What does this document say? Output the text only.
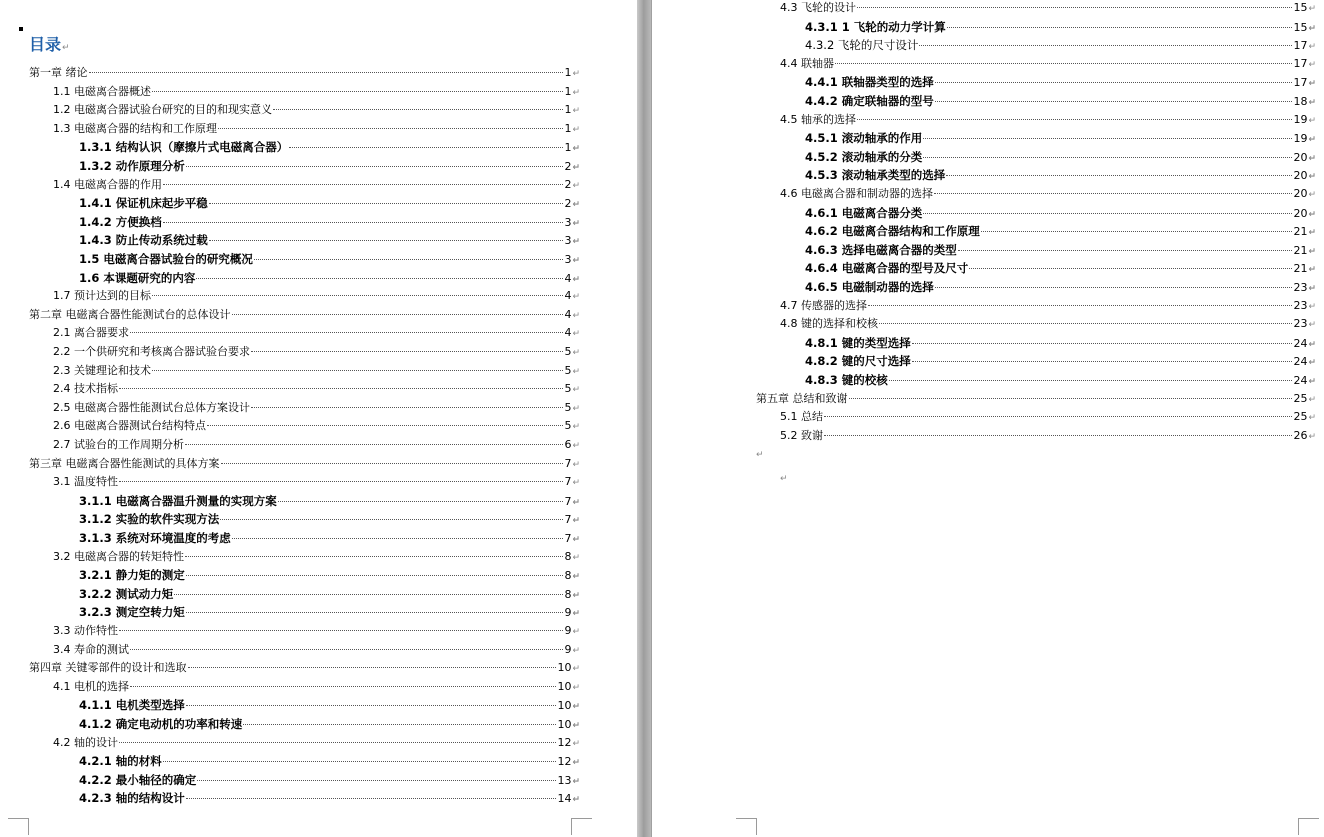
目录↵
第一章 绪论	1 ↵
1.1 电磁离合器概述	1 ↵
1.2 电磁离合器试验台研究的目的和现实意义	1 ↵
1.3 电磁离合器的结构和工作原理	1 ↵
1.3.1 结构认识（摩擦片式电磁离合器）	1 ↵
1.3.2 动作原理分析	2 ↵
1.4 电磁离合器的作用	2 ↵
1.4.1 保证机床起步平稳	2 ↵
1.4.2 方便换档	3 ↵
1.4.3 防止传动系统过载	3 ↵
1.5 电磁离合器试验台的研究概况	3 ↵
1.6 本课题研究的内容	4 ↵
1.7 预计达到的目标	4 ↵
第二章 电磁离合器性能测试台的总体设计	4 ↵
2.1 离合器要求	4 ↵
2.2 一个供研究和考核离合器试验台要求	5 ↵
2.3 关键理论和技术	5 ↵
2.4 技术指标	5 ↵
2.5 电磁离合器性能测试台总体方案设计	5 ↵
2.6 电磁离合器测试台结构特点	5 ↵
2.7 试验台的工作周期分析	6 ↵
第三章 电磁离合器性能测试的具体方案	7 ↵
3.1 温度特性	7 ↵
3.1.1 电磁离合器温升测量的实现方案	7 ↵
3.1.2 实验的软件实现方法	7 ↵
3.1.3 系统对环境温度的考虑	7 ↵
3.2 电磁离合器的转矩特性	8 ↵
3.2.1 静力矩的测定	8 ↵
3.2.2 测试动力矩	8 ↵
3.2.3 测定空转力矩	9 ↵
3.3 动作特性	9 ↵
3.4 寿命的测试	9 ↵
第四章 关键零部件的设计和选取	10 ↵
4.1 电机的选择	10 ↵
4.1.1 电机类型选择	10 ↵
4.1.2 确定电动机的功率和转速	10 ↵
4.2 轴的设计	12 ↵
4.2.1 轴的材料	12 ↵
4.2.2 最小轴径的确定	13 ↵
4.2.3 轴的结构设计	14 ↵
4.3 飞轮的设计	15 ↵
4.3.1 1 飞轮的动力学计算	15 ↵
4.3.2 飞轮的尺寸设计	17 ↵
4.4 联轴器	17 ↵
4.4.1 联轴器类型的选择	17 ↵
4.4.2 确定联轴器的型号	18 ↵
4.5 轴承的选择	19 ↵
4.5.1 滚动轴承的作用	19 ↵
4.5.2 滚动轴承的分类	20 ↵
4.5.3 滚动轴承类型的选择	20 ↵
4.6 电磁离合器和制动器的选择	20 ↵
4.6.1 电磁离合器分类	20 ↵
4.6.2 电磁离合器结构和工作原理	21 ↵
4.6.3 选择电磁离合器的类型	21 ↵
4.6.4 电磁离合器的型号及尺寸	21 ↵
4.6.5 电磁制动器的选择	23 ↵
4.7 传感器的选择	23 ↵
4.8 键的选择和校核	23 ↵
4.8.1 键的类型选择	24 ↵
4.8.2 键的尺寸选择	24 ↵
4.8.3 键的校核	24 ↵
第五章 总结和致谢	25 ↵
5.1 总结	25 ↵
5.2 致谢	26 ↵
↵
↵
